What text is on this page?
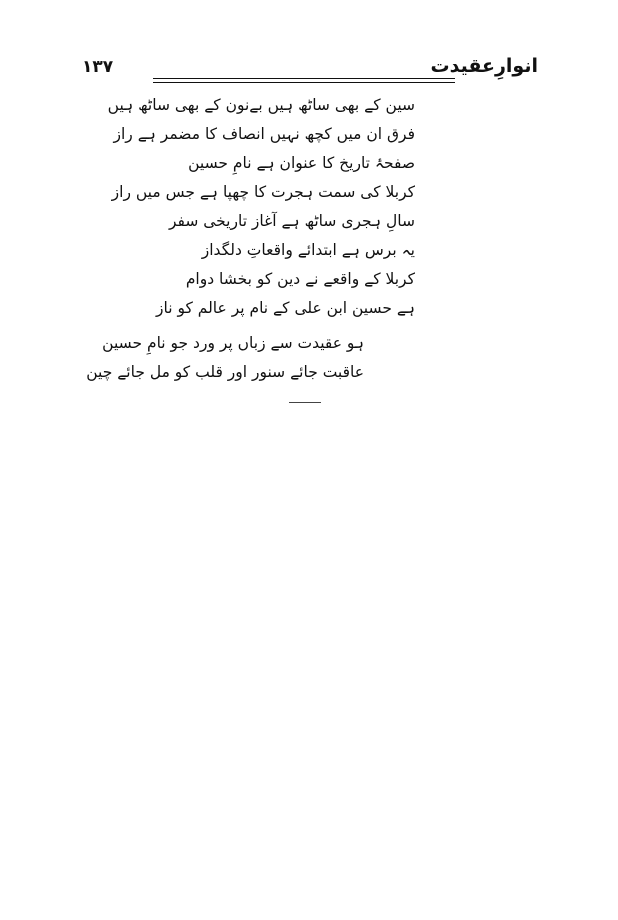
انوارِعقیدت
۱۳۷
سین کے بھی ساٹھ ہیں بےنون کے بھی ساٹھ ہیں
فرق ان میں کچھ نہیں انصاف کا مضمر ہے راز
صفحۂ تاریخ کا عنوان ہے نامِ حسین
کربلا کی سمت ہجرت کا چھپا ہے جس میں راز
سالِ ہجری ساٹھ ہے آغاز تاریخی سفر
یہ برس ہے ابتدائے واقعاتِ دلگداز
کربلا کے واقعے نے دین کو بخشا دوام
ہے حسین ابن علی کے نام پر عالم کو ناز
ہو عقیدت سے زباں پر ورد جو نامِ حسین
عاقبت جائے سنور اور قلب کو مل جائے چین
